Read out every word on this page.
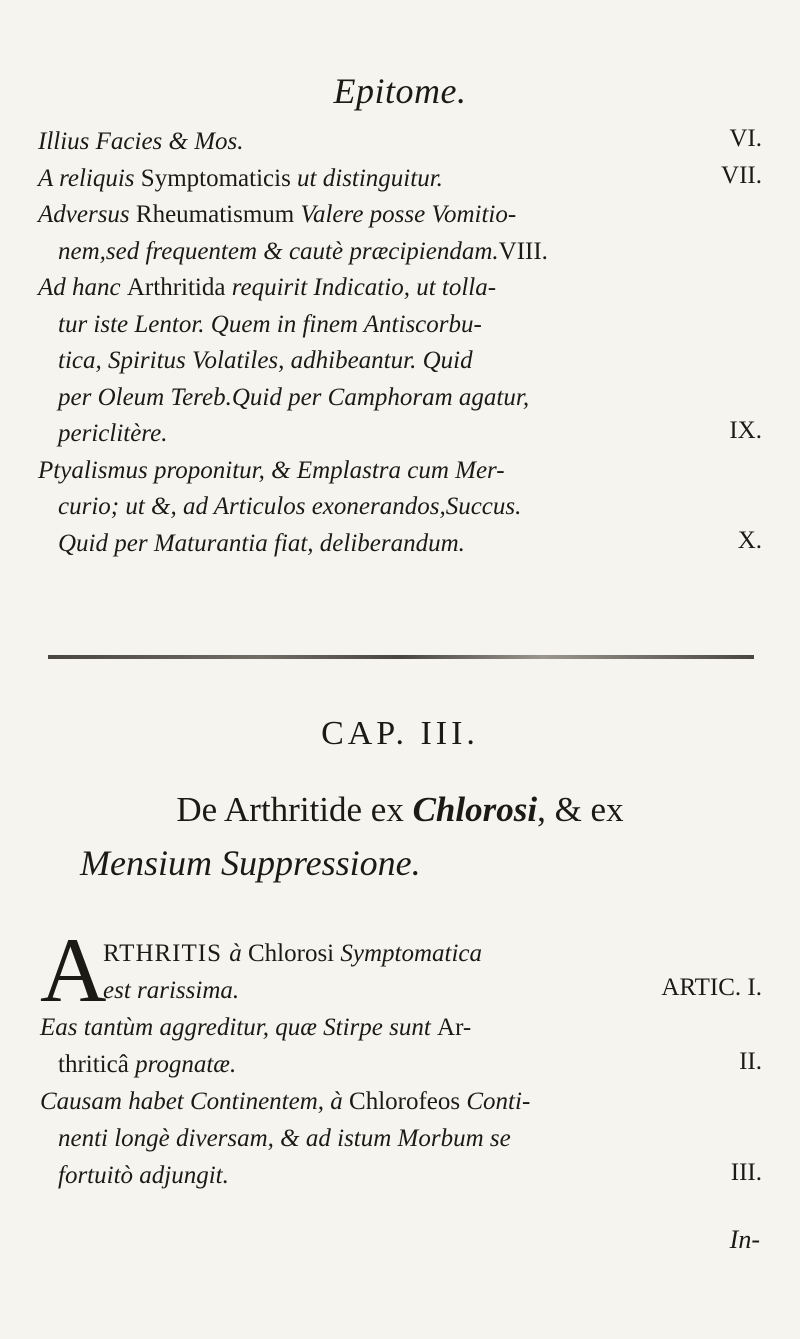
Epitome.
Illius Facies & Mos.	VI.
A reliquis Symptomaticis ut distinguitur.	VII.
Adversus Rheumatismum Valere posse Vomitio-
nem,sed frequentem & cautè præcipiendam.VIII.
Ad hanc Arthritida requirit Indicatio, ut tolla-
tur iste Lentor. Quem in finem Antiscorbu-
tica, Spiritus Volatiles, adhibeantur. Quid
per Oleum Tereb.Quid per Camphoram agatur,
periclitère.	IX.
Ptyalismus proponitur, & Emplastra cum Mer-
curio; ut &, ad Articulos exonerandos,Succus.
Quid per Maturantia fiat, deliberandum.	X.
CAP. III.
De Arthritide ex Chlorosi, & ex
Mensium Suppressione.
A
RTHRITIS à Chlorosi Symptomatica
est rarissima.	ARTIC. I.
Eas tantùm aggreditur, quæ Stirpe sunt Ar-
thriticâ prognatæ.	II.
Causam habet Continentem, à Chlorofeos Conti-
nenti longè diversam, & ad istum Morbum se
fortuitò adjungit.	III.
In-
